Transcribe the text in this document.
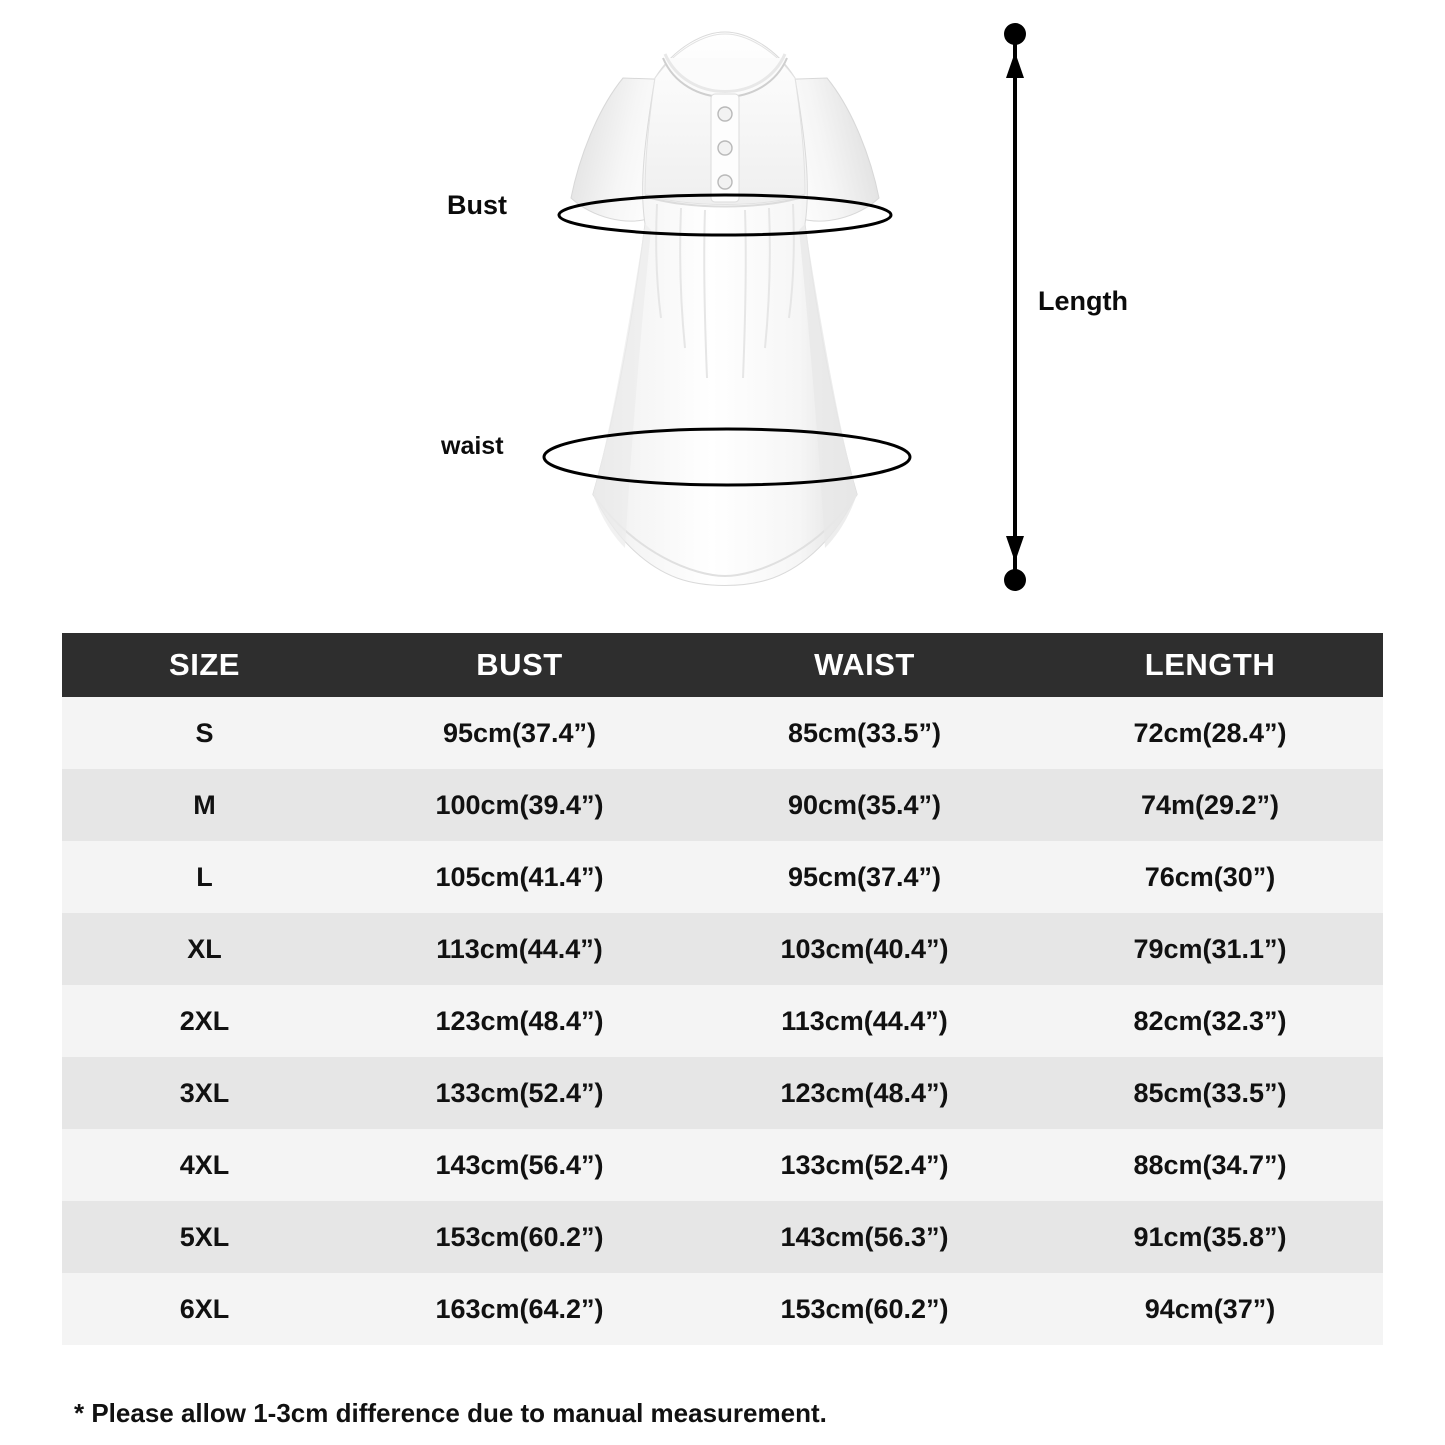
Bust
waist
Length
SIZE	BUST	WAIST	LENGTH
S	95cm(37.4”)	85cm(33.5”)	72cm(28.4”)
M	100cm(39.4”)	90cm(35.4”)	74m(29.2”)
L	105cm(41.4”)	95cm(37.4”)	76cm(30”)
XL	113cm(44.4”)	103cm(40.4”)	79cm(31.1”)
2XL	123cm(48.4”)	113cm(44.4”)	82cm(32.3”)
3XL	133cm(52.4”)	123cm(48.4”)	85cm(33.5”)
4XL	143cm(56.4”)	133cm(52.4”)	88cm(34.7”)
5XL	153cm(60.2”)	143cm(56.3”)	91cm(35.8”)
6XL	163cm(64.2”)	153cm(60.2”)	94cm(37”)
* Please allow 1-3cm difference due to manual measurement.
